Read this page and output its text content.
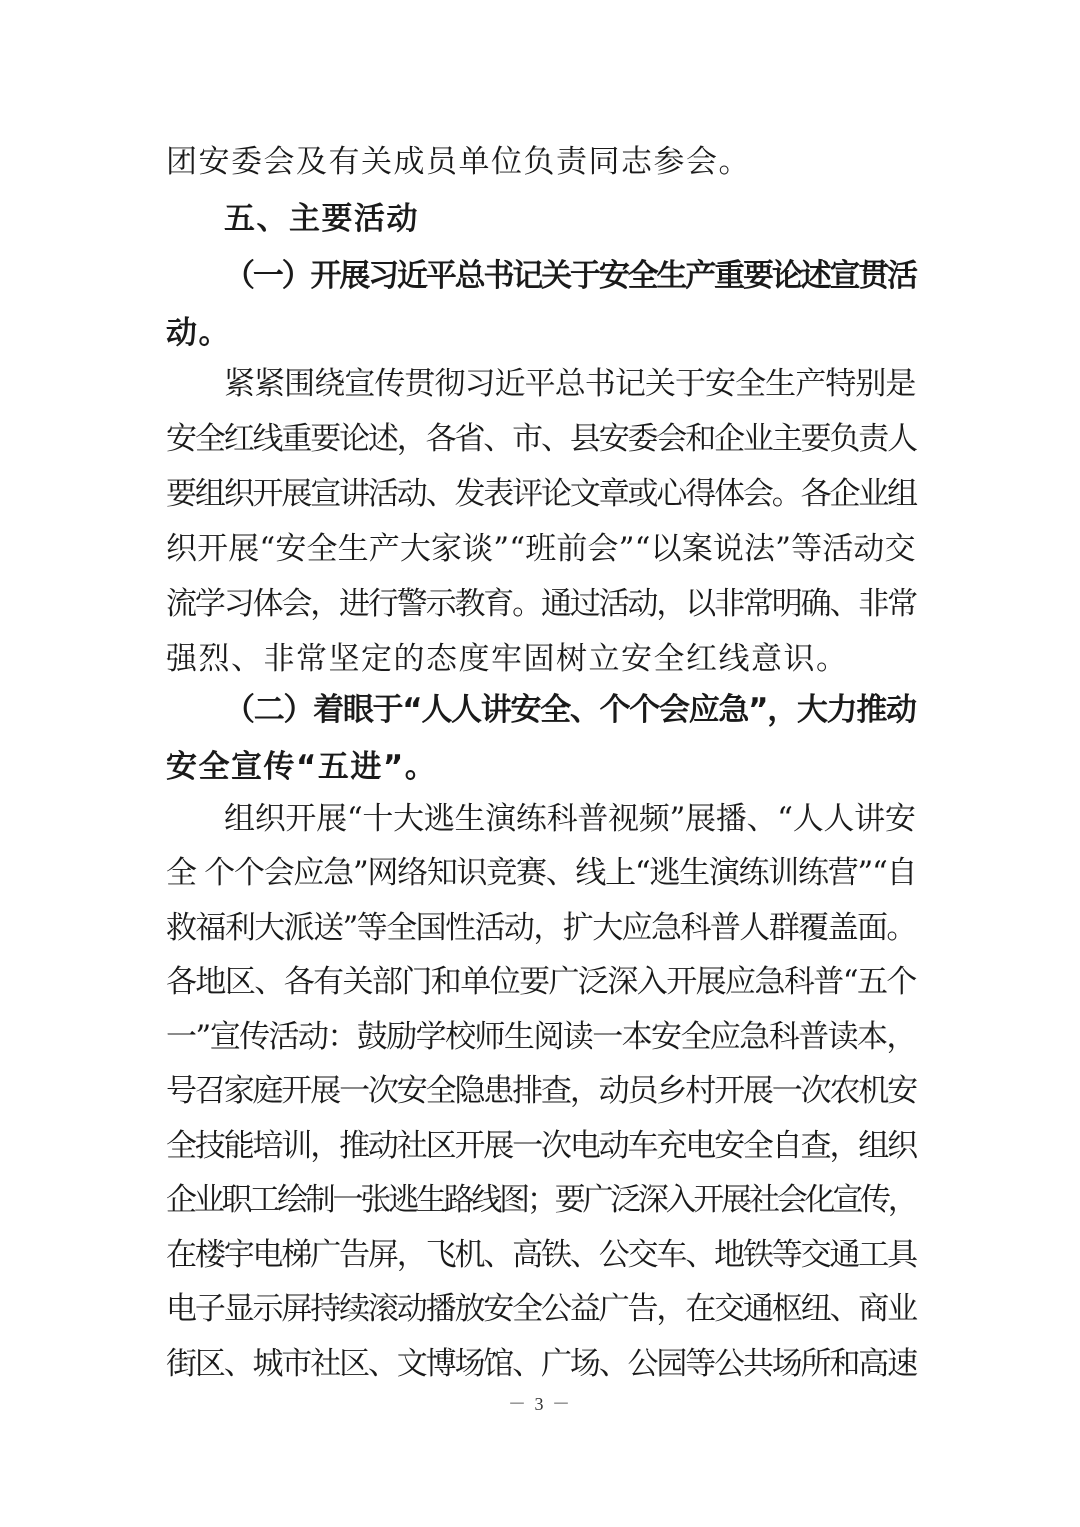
团安委会及有关成员单位负责同志参会。
五、主要活动
（一）开展习近平总书记关于安全生产重要论述宣贯活
动。
紧紧围绕宣传贯彻习近平总书记关于安全生产特别是
安全红线重要论述，各省、市、县安委会和企业主要负责人
要组织开展宣讲活动、发表评论文章或心得体会。各企业组
织开展“安全生产大家谈”“班前会”“以案说法”等活动交
流学习体会，进行警示教育。通过活动，以非常明确、非常
强烈、非常坚定的态度牢固树立安全红线意识。
（二）着眼于“人人讲安全、个个会应急”，大力推动
安全宣传“五进”。
组织开展“十大逃生演练科普视频”展播、“人人讲安
全 个个会应急”网络知识竞赛、线上“逃生演练训练营”“自
救福利大派送”等全国性活动，扩大应急科普人群覆盖面。
各地区、各有关部门和单位要广泛深入开展应急科普“五个
一”宣传活动：鼓励学校师生阅读一本安全应急科普读本，
号召家庭开展一次安全隐患排查，动员乡村开展一次农机安
全技能培训，推动社区开展一次电动车充电安全自查，组织
企业职工绘制一张逃生路线图；要广泛深入开展社会化宣传，
在楼宇电梯广告屏，飞机、高铁、公交车、地铁等交通工具
电子显示屏持续滚动播放安全公益广告，在交通枢纽、商业
街区、城市社区、文博场馆、广场、公园等公共场所和高速
－ 3 －
